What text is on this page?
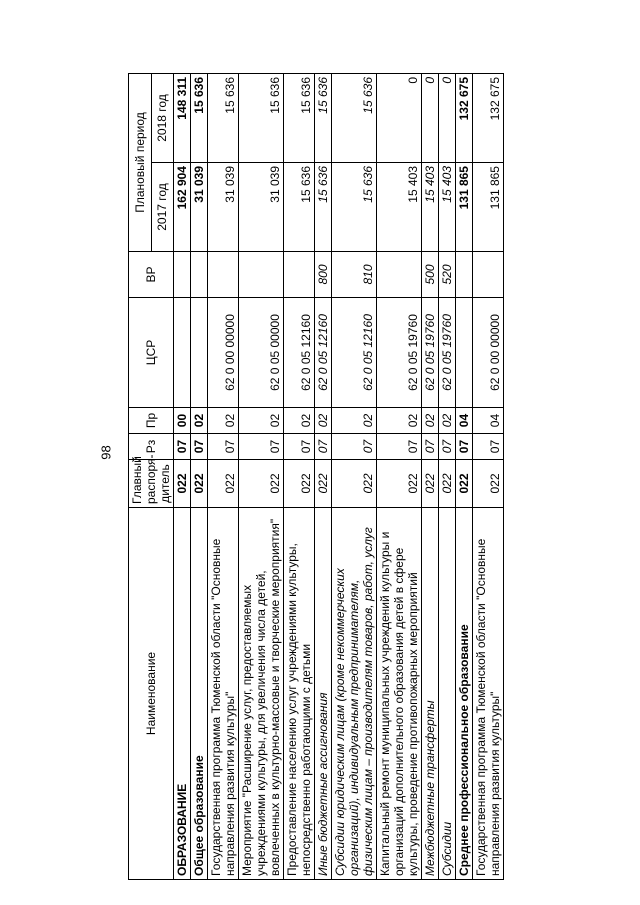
98
Наименование	Главный распоря-дитель	Рз	Пр	ЦСР	ВР	Плановый период	
						2017 год	2018 год
ОБРАЗОВАНИЕ	022	07	00			162 904	148 311
Общее образование	022	07	02			31 039	15 636
Государственная программа Тюменской области "Основные направления развития культуры"	022	07	02	62 0 00 00000		31 039	15 636
Мероприятие "Расширение услуг, предоставляемых учреждениями культуры, для увеличения числа детей, вовлеченных в культурно-массовые и творческие мероприятия"	022	07	02	62 0 05 00000		31 039	15 636
Предоставление населению услуг учреждениями культуры, непосредственно работающими с детьми	022	07	02	62 0 05 12160		15 636	15 636
Иные бюджетные ассигнования	022	07	02	62 0 05 12160	800	15 636	15 636
Субсидии юридическим лицам (кроме некоммерческих организаций), индивидуальным предпринимателям, физическим лицам – производителям товаров, работ, услуг	022	07	02	62 0 05 12160	810	15 636	15 636
Капитальный ремонт муниципальных учреждений культуры и организаций дополнительного образования детей в сфере культуры, проведение противопожарных мероприятий	022	07	02	62 0 05 19760		15 403	0
Межбюджетные трансферты	022	07	02	62 0 05 19760	500	15 403	0
Субсидии	022	07	02	62 0 05 19760	520	15 403	0
Среднее профессиональное образование	022	07	04			131 865	132 675
Государственная программа Тюменской области "Основные направления развития культуры"	022	07	04	62 0 00 00000		131 865	132 675
